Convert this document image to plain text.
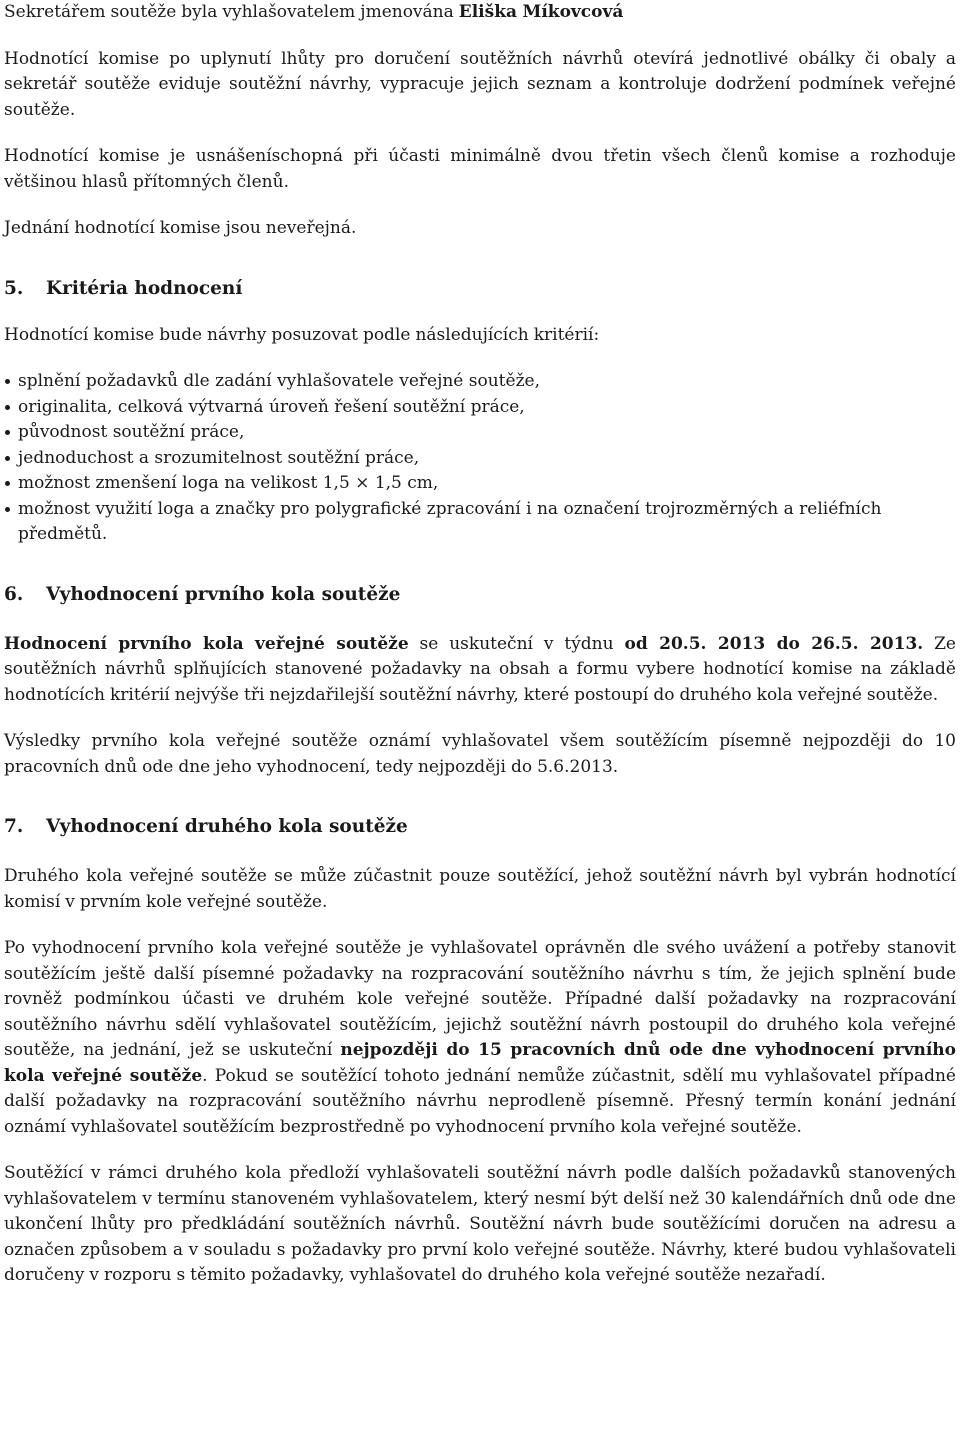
Sekretářem soutěže byla vyhlašovatelem jmenována Eliška Míkovcová

Hodnotící komise po uplynutí lhůty pro doručení soutěžních návrhů otevírá jednotlivé obálky či obaly a sekretář soutěže eviduje soutěžní návrhy, vypracuje jejich seznam a kontroluje dodržení podmínek veřejné soutěže.

Hodnotící komise je usnášeníschopná při účasti minimálně dvou třetin všech členů komise a rozhoduje většinou hlasů přítomných členů.

Jednání hodnotící komise jsou neveřejná.

5. Kritéria hodnocení

Hodnotící komise bude návrhy posuzovat podle následujících kritérií:

splnění požadavků dle zadání vyhlašovatele veřejné soutěže,
originalita, celková výtvarná úroveň řešení soutěžní práce,
původnost soutěžní práce,
jednoduchost a srozumitelnost soutěžní práce,
možnost zmenšení loga na velikost 1,5 × 1,5 cm,
možnost využití loga a značky pro polygrafické zpracování i na označení trojrozměrných a reliéfních předmětů.
6. Vyhodnocení prvního kola soutěže

Hodnocení prvního kola veřejné soutěže se uskuteční v týdnu od 20.5. 2013 do 26.5. 2013. Ze soutěžních návrhů splňujících stanovené požadavky na obsah a formu vybere hodnotící komise na základě hodnotících kritérií nejvýše tři nejzdařilejší soutěžní návrhy, které postoupí do druhého kola veřejné soutěže.

Výsledky prvního kola veřejné soutěže oznámí vyhlašovatel všem soutěžícím písemně nejpozději do 10 pracovních dnů ode dne jeho vyhodnocení, tedy nejpozději do 5.6.2013.

7. Vyhodnocení druhého kola soutěže

Druhého kola veřejné soutěže se může zúčastnit pouze soutěžící, jehož soutěžní návrh byl vybrán hodnotící komisí v prvním kole veřejné soutěže.

Po vyhodnocení prvního kola veřejné soutěže je vyhlašovatel oprávněn dle svého uvážení a potřeby stanovit soutěžícím ještě další písemné požadavky na rozpracování soutěžního návrhu s tím, že jejich splnění bude rovněž podmínkou účasti ve druhém kole veřejné soutěže. Případné další požadavky na rozpracování soutěžního návrhu sdělí vyhlašovatel soutěžícím, jejichž soutěžní návrh postoupil do druhého kola veřejné soutěže, na jednání, jež se uskuteční nejpozději do 15 pracovních dnů ode dne vyhodnocení prvního kola veřejné soutěže. Pokud se soutěžící tohoto jednání nemůže zúčastnit, sdělí mu vyhlašovatel případné další požadavky na rozpracování soutěžního návrhu neprodleně písemně. Přesný termín konání jednání oznámí vyhlašovatel soutěžícím bezprostředně po vyhodnocení prvního kola veřejné soutěže.

Soutěžící v rámci druhého kola předloží vyhlašovateli soutěžní návrh podle dalších požadavků stanovených vyhlašovatelem v termínu stanoveném vyhlašovatelem, který nesmí být delší než 30 kalendářních dnů ode dne ukončení lhůty pro předkládání soutěžních návrhů. Soutěžní návrh bude soutěžícími doručen na adresu a označen způsobem a v souladu s požadavky pro první kolo veřejné soutěže. Návrhy, které budou vyhlašovateli doručeny v rozporu s těmito požadavky, vyhlašovatel do druhého kola veřejné soutěže nezařadí.
